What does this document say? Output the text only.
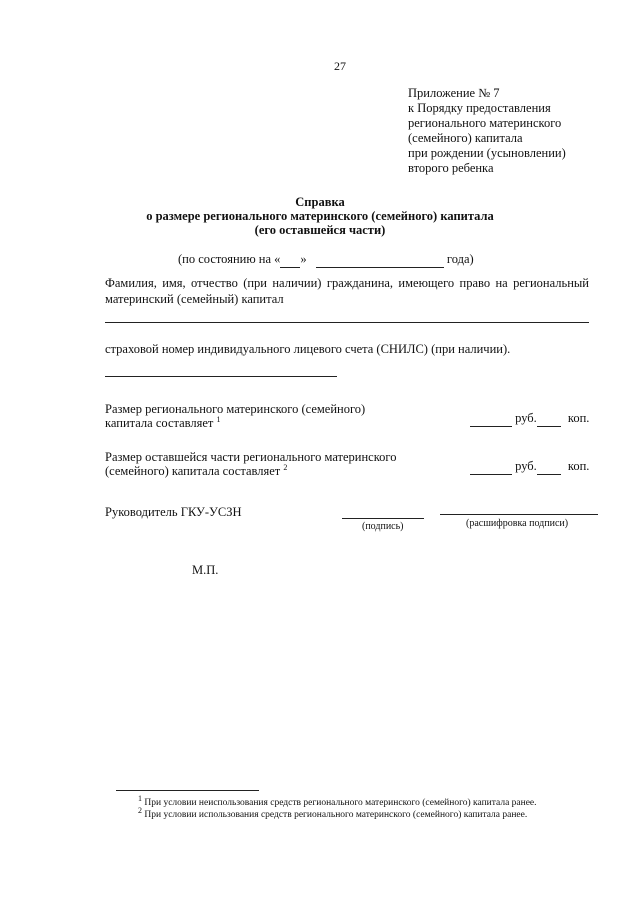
27
Приложение № 7
к Порядку предоставления
регионального материнского
(семейного) капитала
при рождении (усыновлении)
второго ребенка
Справка
о размере регионального материнского (семейного) капитала
(его оставшейся части)
(по состоянию на « »	года)
Фамилия, имя, отчество (при наличии) гражданина, имеющего право на региональный
материнский (семейный) капитал
страховой номер индивидуального лицевого счета (СНИЛС) (при наличии).
Размер регионального материнского (семейного)
капитала составляет $^1$	руб. коп.
Размер оставшейся части регионального материнского
(семейного) капитала составляет $^2$	руб. коп.
Руководитель ГКУ-УСЗН
(подпись)	(расшифровка подписи)
М.П.
$^1$ При условии неиспользования средств регионального материнского (семейного) капитала ранее.
$^2$ При условии использования средств регионального материнского (семейного) капитала ранее.
